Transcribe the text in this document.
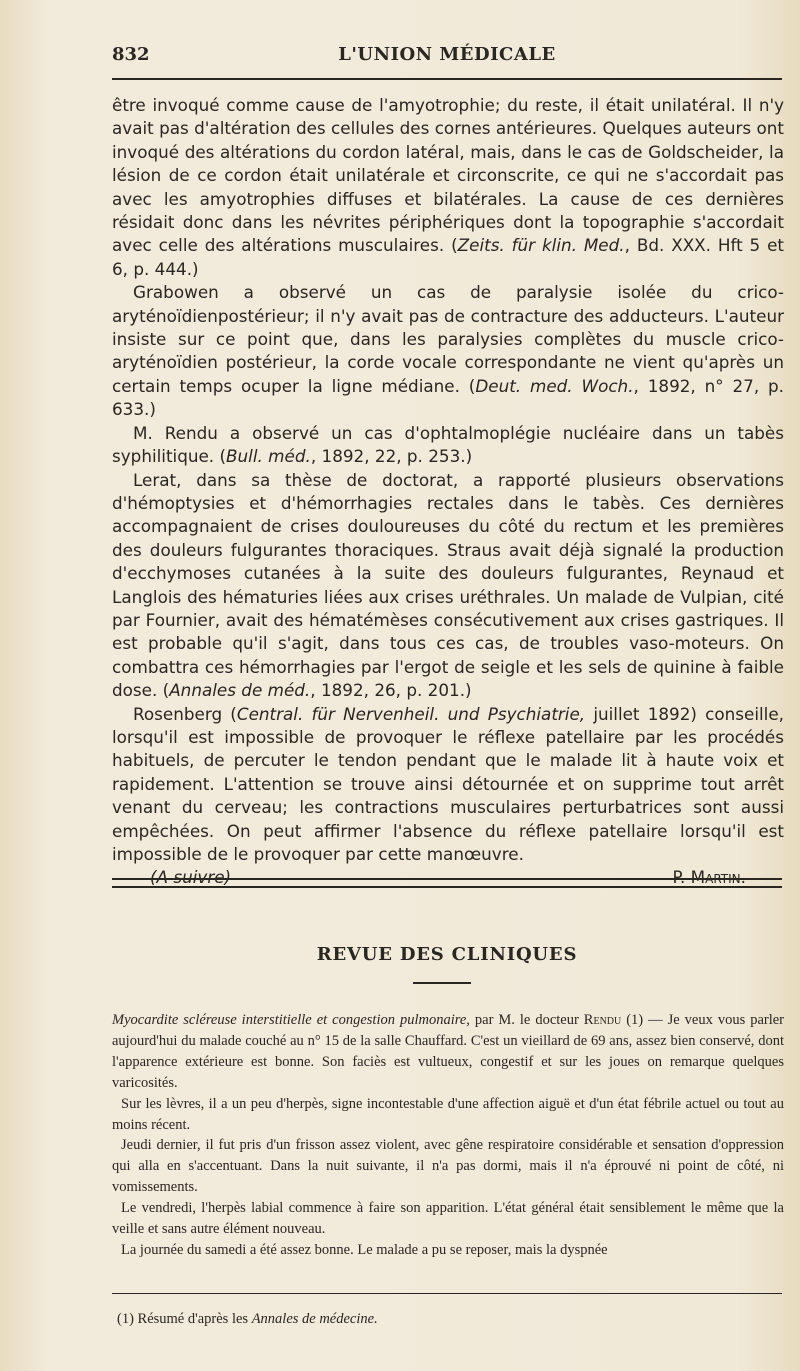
832	L'UNION MÉDICALE

être invoqué comme cause de l'amyotrophie; du reste, il était unilatéral. Il n'y avait pas d'altération des cellules des cornes antérieures. Quelques auteurs ont invoqué des altérations du cordon latéral, mais, dans le cas de Goldscheider, la lésion de ce cordon était unilatérale et circonscrite, ce qui ne s'accordait pas avec les amyotrophies diffuses et bilatérales. La cause de ces dernières résidait donc dans les névrites périphériques dont la topographie s'accordait avec celle des altérations musculaires. (Zeits. für klin. Med., Bd. XXX. Hft 5 et 6, p. 444.)

Grabowen a observé un cas de paralysie isolée du crico-aryténoïdienpostérieur; il n'y avait pas de contracture des adducteurs. L'auteur insiste sur ce point que, dans les paralysies complètes du muscle crico-aryténoïdien postérieur, la corde vocale correspondante ne vient qu'après un certain temps ocuper la ligne médiane. (Deut. med. Woch., 1892, n° 27, p. 633.)

M. Rendu a observé un cas d'ophtalmoplégie nucléaire dans un tabès syphilitique. (Bull. méd., 1892, 22, p. 253.)

Lerat, dans sa thèse de doctorat, a rapporté plusieurs observations d'hémoptysies et d'hémorrhagies rectales dans le tabès. Ces dernières accompagnaient de crises douloureuses du côté du rectum et les premières des douleurs fulgurantes thoraciques. Straus avait déjà signalé la production d'ecchymoses cutanées à la suite des douleurs fulgurantes, Reynaud et Langlois des hématuries liées aux crises uréthrales. Un malade de Vulpian, cité par Fournier, avait des hématémèses consécutivement aux crises gastriques. Il est probable qu'il s'agit, dans tous ces cas, de troubles vaso-moteurs. On combattra ces hémorrhagies par l'ergot de seigle et les sels de quinine à faible dose. (Annales de méd., 1892, 26, p. 201.)

Rosenberg (Central. für Nervenheil. und Psychiatrie, juillet 1892) conseille, lorsqu'il est impossible de provoquer le réflexe patellaire par les procédés habituels, de percuter le tendon pendant que le malade lit à haute voix et rapidement. L'attention se trouve ainsi détournée et on supprime tout arrêt venant du cerveau; les contractions musculaires perturbatrices sont aussi empêchées. On peut affirmer l'absence du réflexe patellaire lorsqu'il est impossible de le provoquer par cette manœuvre.

(A suivre)	P. Martin.
REVUE DES CLINIQUES

Myocardite scléreuse interstitielle et congestion pulmonaire, par M. le docteur Rendu (1) — Je veux vous parler aujourd'hui du malade couché au n° 15 de la salle Chauffard. C'est un vieillard de 69 ans, assez bien conservé, dont l'apparence extérieure est bonne. Son faciès est vultueux, congestif et sur les joues on remarque quelques varicosités.

Sur les lèvres, il a un peu d'herpès, signe incontestable d'une affection aiguë et d'un état fébrile actuel ou tout au moins récent.

Jeudi dernier, il fut pris d'un frisson assez violent, avec gêne respiratoire considérable et sensation d'oppression qui alla en s'accentuant. Dans la nuit suivante, il n'a pas dormi, mais il n'a éprouvé ni point de côté, ni vomissements.

Le vendredi, l'herpès labial commence à faire son apparition. L'état général était sensiblement le même que la veille et sans autre élément nouveau.

La journée du samedi a été assez bonne. Le malade a pu se reposer, mais la dyspnée

(1) Résumé d'après les Annales de médecine.
